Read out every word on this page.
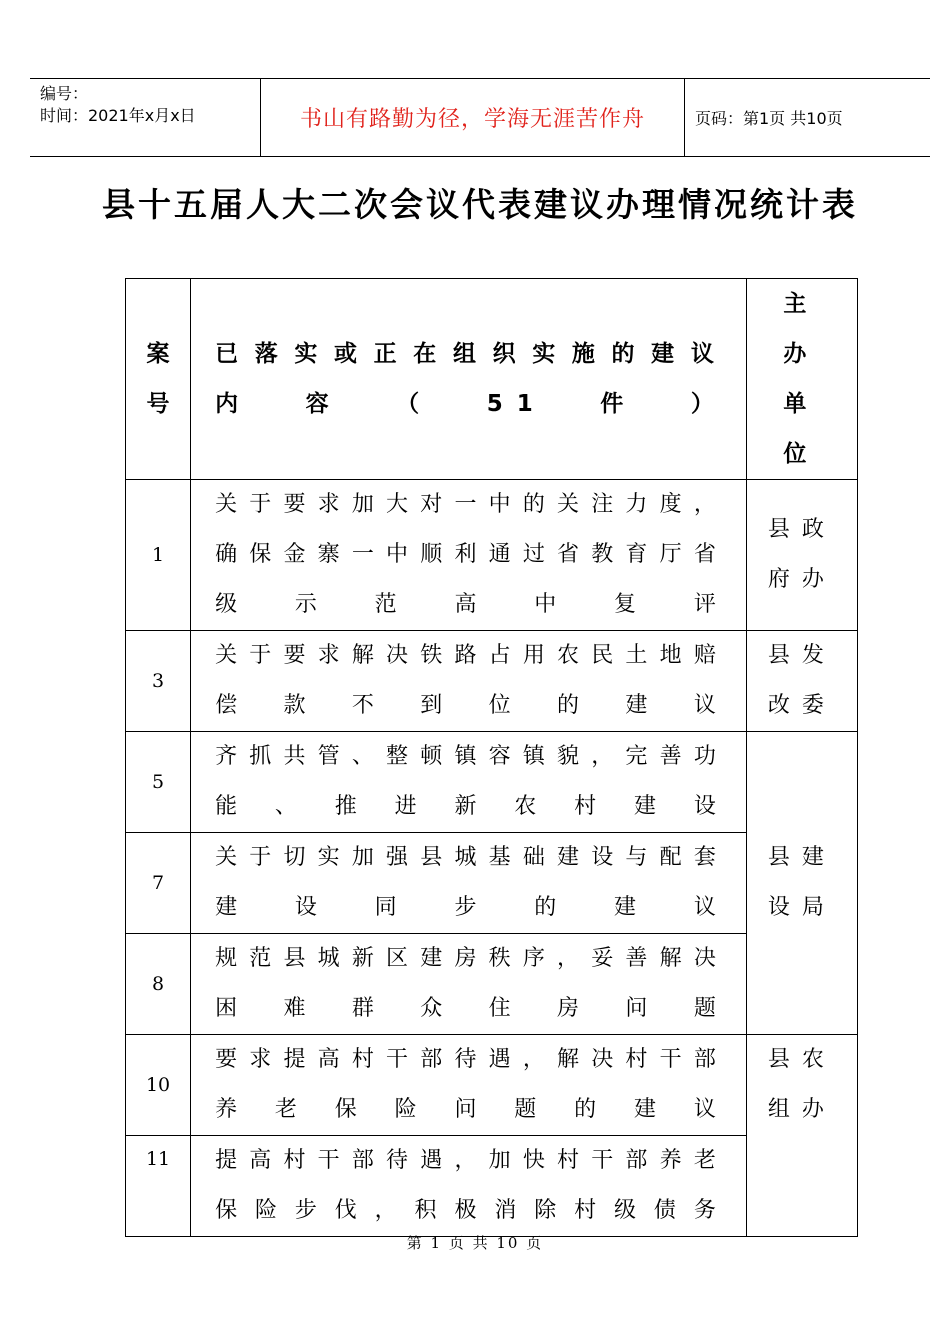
编号：
时间：2021年x月x日	书山有路勤为径，学海无涯苦作舟	页码：第1页 共10页
县十五届人大二次会议代表建议办理情况统计表
案号	已落实或正在组织实施的建议内容（51件）	主办单位

1	关于要求加大对一中的关注力度，确保金寨一中顺利通过省教育厅省级示范高中复评	县政府办

3	关于要求解决铁路占用农民土地赔偿款不到位的建议	县发改委

5	齐抓共管、整顿镇容镇貌，完善功能、推进新农村建设	县建设局

7	关于切实加强县城基础建设与配套建设同步的建议	
8	规范县城新区建房秩序，妥善解决困难群众住房问题	
10	要求提高村干部待遇，解决村干部养老保险问题的建议	县农组办

11	提高村干部待遇，加快村干部养老保险步伐，积极消除村级债务	
第 1 页 共 10 页
